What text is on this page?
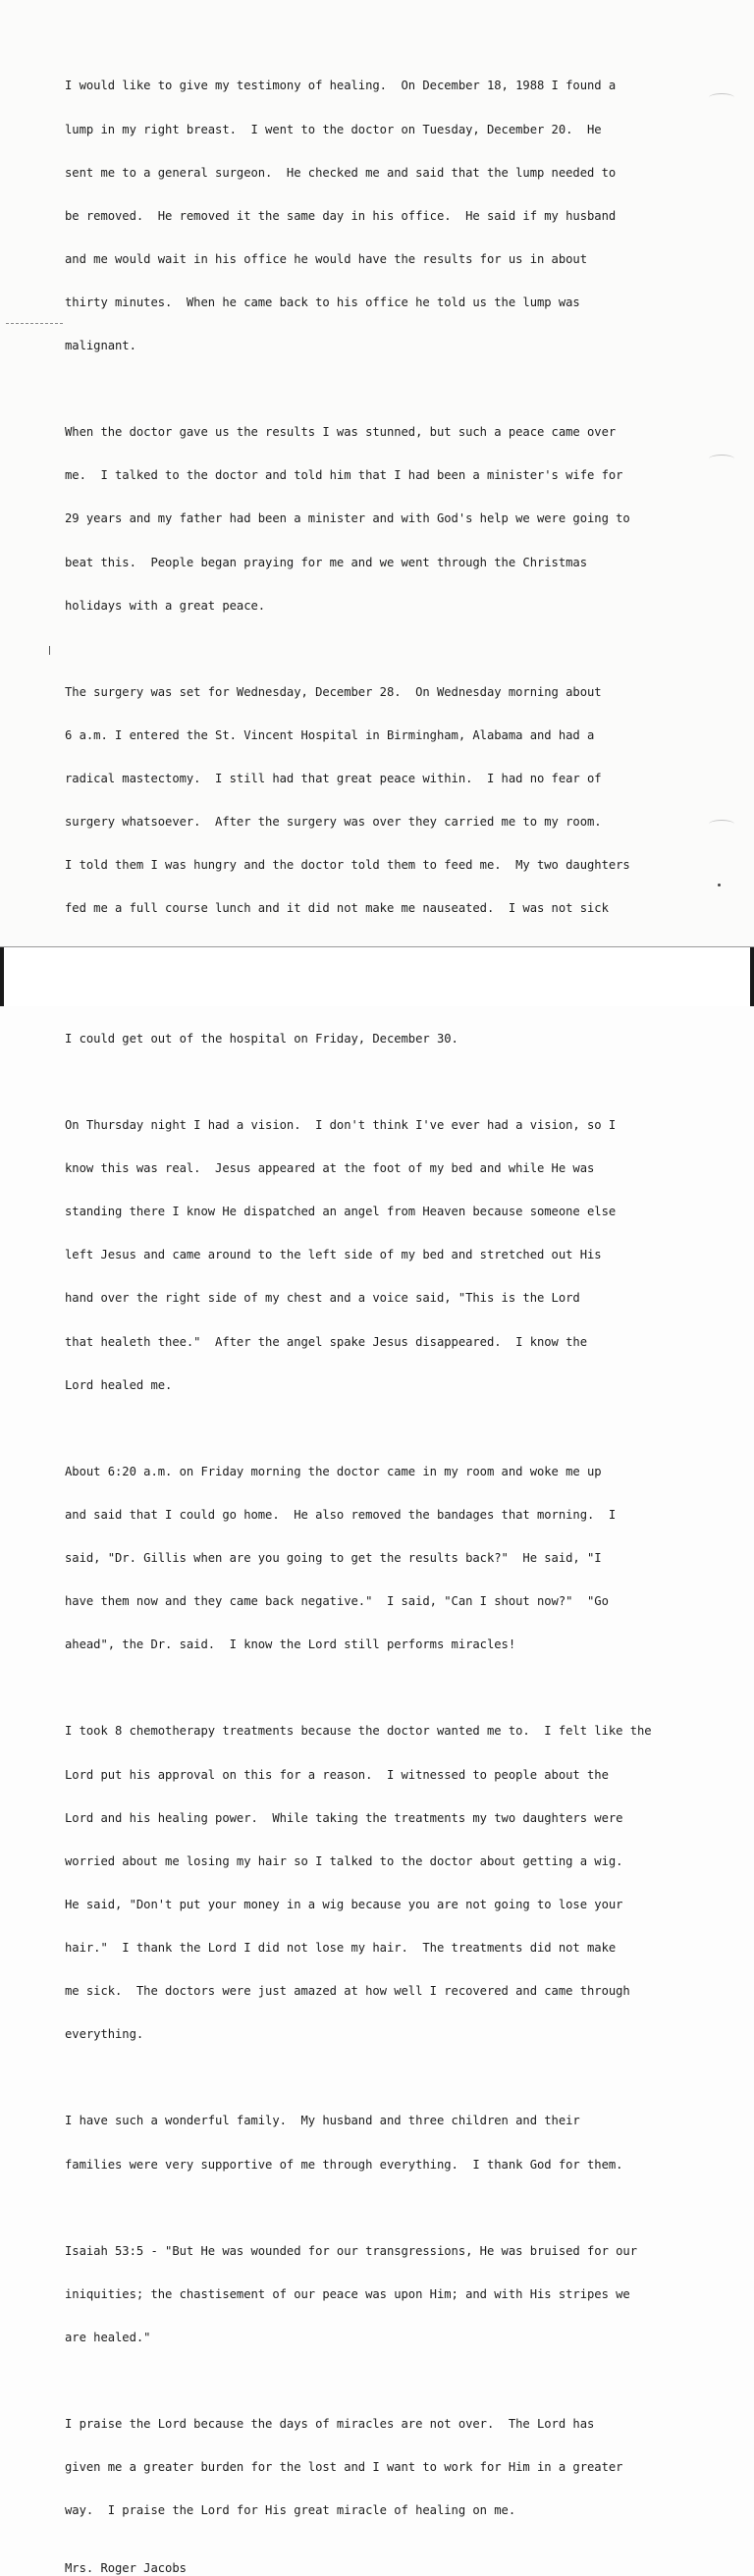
I would like to give my testimony of healing.  On December 18, 1988 I found a

lump in my right breast.  I went to the doctor on Tuesday, December 20.  He

sent me to a general surgeon.  He checked me and said that the lump needed to

be removed.  He removed it the same day in his office.  He said if my husband

and me would wait in his office he would have the results for us in about

thirty minutes.  When he came back to his office he told us the lump was

malignant.

When the doctor gave us the results I was stunned, but such a peace came over

me.  I talked to the doctor and told him that I had been a minister's wife for

29 years and my father had been a minister and with God's help we were going to

beat this.  People began praying for me and we went through the Christmas

holidays with a great peace.

The surgery was set for Wednesday, December 28.  On Wednesday morning about

6 a.m. I entered the St. Vincent Hospital in Birmingham, Alabama and had a

radical mastectomy.  I still had that great peace within.  I had no fear of

surgery whatsoever.  After the surgery was over they carried me to my room.

I told them I was hungry and the doctor told them to feed me.  My two daughters

fed me a full course lunch and it did not make me nauseated.  I was not sick

I could get out of the hospital on Friday, December 30.

On Thursday night I had a vision.  I don't think I've ever had a vision, so I

know this was real.  Jesus appeared at the foot of my bed and while He was

standing there I know He dispatched an angel from Heaven because someone else

left Jesus and came around to the left side of my bed and stretched out His

hand over the right side of my chest and a voice said, "This is the Lord

that healeth thee."  After the angel spake Jesus disappeared.  I know the

Lord healed me.

About 6:20 a.m. on Friday morning the doctor came in my room and woke me up

and said that I could go home.  He also removed the bandages that morning.  I

said, "Dr. Gillis when are you going to get the results back?"  He said, "I

have them now and they came back negative."  I said, "Can I shout now?"  "Go

ahead", the Dr. said.  I know the Lord still performs miracles!

I took 8 chemotherapy treatments because the doctor wanted me to.  I felt like the

Lord put his approval on this for a reason.  I witnessed to people about the

Lord and his healing power.  While taking the treatments my two daughters were

worried about me losing my hair so I talked to the doctor about getting a wig.

He said, "Don't put your money in a wig because you are not going to lose your

hair."  I thank the Lord I did not lose my hair.  The treatments did not make

me sick.  The doctors were just amazed at how well I recovered and came through

everything.

I have such a wonderful family.  My husband and three children and their

families were very supportive of me through everything.  I thank God for them.

Isaiah 53:5 - "But He was wounded for our transgressions, He was bruised for our

iniquities; the chastisement of our peace was upon Him; and with His stripes we

are healed."

I praise the Lord because the days of miracles are not over.  The Lord has

given me a greater burden for the lost and I want to work for Him in a greater

way.  I praise the Lord for His great miracle of healing on me.

Mrs. Roger Jacobs
